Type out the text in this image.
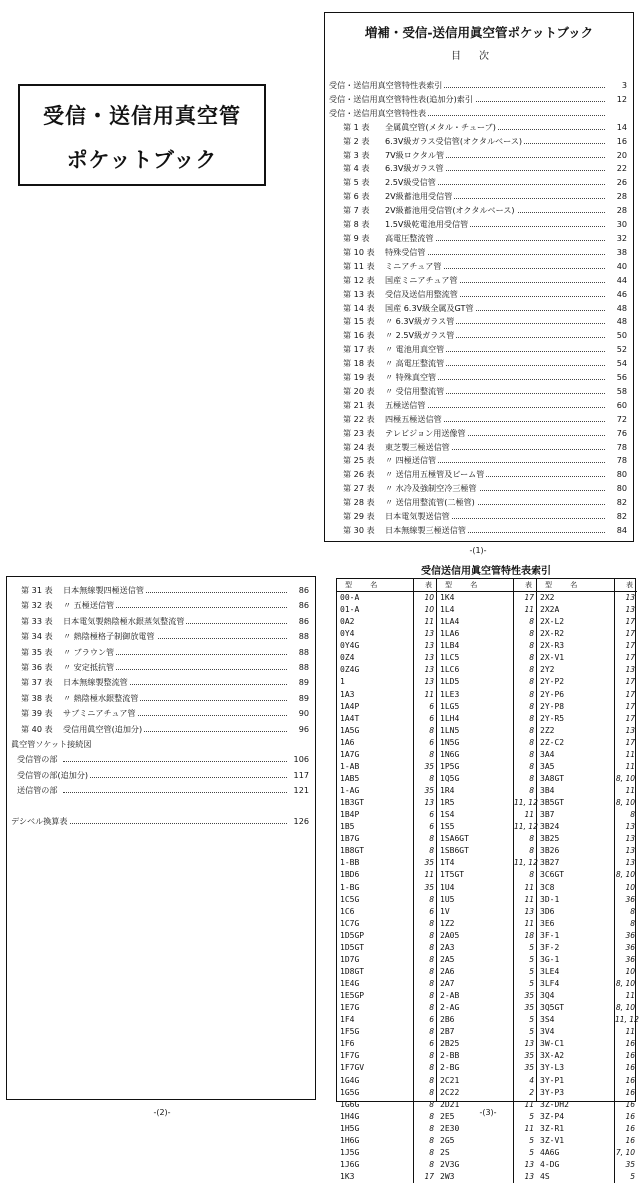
受信・送信用真空管
ポケットブック
増補・受信-送信用眞空管ポケットブック
目次
受信・送信用真空管特性表索引	3
受信・送信用真空管特性表(追加分)索引	12
受信・送信用真空管特性表
第 1 表	全属眞空管(メタル・チューブ)	14
第 2 表	6.3V級ガラス受信管(オクタルベース)	16
第 3 表	7V級ロクタル管	20
第 4 表	6.3V級ガラス管	22
第 5 表	2.5V級受信管	26
第 6 表	2V級蓄池用受信管	28
第 7 表	2V級蓄池用受信管(オクタルベース)	28
第 8 表	1.5V級乾電池用受信管	30
第 9 表	高電圧整流管	32
第 10 表	特殊受信管	38
第 11 表	ミニアチュア管	40
第 12 表	国産ミニアチュア管	44
第 13 表	受信及送信用整流管	46
第 14 表	国産 6.3V級全属及GT管	48
第 15 表	〃 6.3V級ガラス管	48
第 16 表	〃 2.5V級ガラス管	50
第 17 表	〃 電池用真空管	52
第 18 表	〃 高電圧整流管	54
第 19 表	〃 特殊真空管	56
第 20 表	〃 受信用整流管	58
第 21 表	五極送信管	60
第 22 表	四極五極送信管	72
第 23 表	テレビジョン用送像管	76
第 24 表	東芝製三極送信管	78
第 25 表	〃 四極送信管	78
第 26 表	〃 送信用五極管及ビーム管	80
第 27 表	〃 水冷及強制空冷三極管	80
第 28 表	〃 送信用整流管(二極管)	82
第 29 表	日本電気製送信管	82
第 30 表	日本無線製三極送信管	84
-(1)-
第 31 表	日本無線製四極送信管	86
第 32 表	〃 五極送信管	86
第 33 表	日本電気製熱陰極水銀蒸気整流管	86
第 34 表	〃 熱陰極格子制御放電管	88
第 35 表	〃 ブラウン管	88
第 36 表	〃 安定抵抗管	88
第 37 表	日本無線製整流管	89
第 38 表	〃 熱陰極水銀整流管	89
第 39 表	サブミニアチュア管	90
第 40 表	受信用眞空管(追加分)	96
眞空管ソケット接続図
受信管の部	106
受信管の部(追加分)	117
送信管の部	121
デシベル換算表	126
-(2)-
受信送信用眞空管特性表索引
型 名	表
00-A	10
01-A	10
0A2	11
0Y4	13
0Y4G	13
0Z4	13
0Z4G	13
1	13
1A3	11
1A4P	6
1A4T	6
1A5G	8
1A6	6
1A7G	8
1-AB	35
1AB5	8
1-AG	35
1B3GT	13
1B4P	6
1B5	6
1B7G	8
1B8GT	8
1-BB	35
1BD6	11
1-BG	35
1C5G	8
1C6	6
1C7G	8
1D5GP	8
1D5GT	8
1D7G	8
1D8GT	8
1E4G	8
1E5GP	8
1E7G	8
1F4	6
1F5G	8
1F6	6
1F7G	8
1F7GV	8
1G4G	8
1G5G	8
1G6G	8
1H4G	8
1H5G	8
1H6G	8
1J5G	8
1J6G	8
1K3	17
型 名	表
1K4	17
1L4	11
1LA4	8
1LA6	8
1LB4	8
1LC5	8
1LC6	8
1LD5	8
1LE3	8
1LG5	8
1LH4	8
1LN5	8
1N5G	8
1N6G	8
1P5G	8
1Q5G	8
1R4	8
1R5	11, 12
1S4	11
1S5	11, 12
1SA6GT	8
1SB6GT	8
1T4	11, 12
1T5GT	8
1U4	11
1U5	11
1V	13
1Z2	11
2A05	18
2A3	5
2A5	5
2A6	5
2A7	5
2-AB	35
2-AG	35
2B6	5
2B7	5
2B25	13
2-BB	35
2-BG	35
2C21	4
2C22	2
2D21	11
2E5	5
2E30	11
2G5	5
2S	5
2V3G	13
2W3	13
型 名	表
2X2	13
2X2A	13
2X-L2	17
2X-R2	17
2X-R3	17
2X-V1	17
2Y2	13
2Y-P2	17
2Y-P6	17
2Y-P8	17
2Y-R5	17
2Z2	13
2Z-C2	17
3A4	11
3A5	11
3A8GT	8, 10
3B4	11
3B5GT	8, 10
3B7	8
3B24	13
3B25	13
3B26	13
3B27	13
3C6GT	8, 10
3C8	10
3D-1	36
3D6	8
3E6	8
3F-1	36
3F-2	36
3G-1	36
3LE4	10
3LF4	8, 10
3Q4	11
3Q5GT	8, 10
3S4	11, 12
3V4	11
3W-C1	16
3X-A2	16
3Y-L3	16
3Y-P1	16
3Y-P3	16
3Z-DH2	16
3Z-P4	16
3Z-R1	16
3Z-V1	16
4A6G	7, 10
4-DG	35
4S	5
-(3)-
